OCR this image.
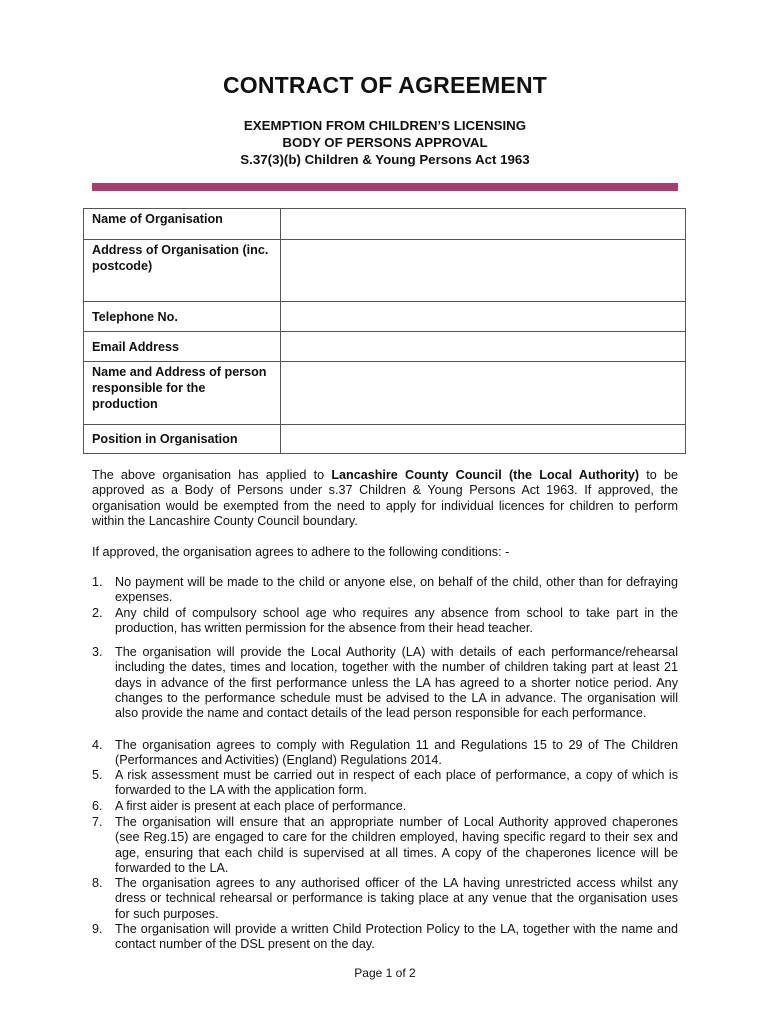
CONTRACT OF AGREEMENT
EXEMPTION FROM CHILDREN’S LICENSING
BODY OF PERSONS APPROVAL
S.37(3)(b) Children & Young Persons Act 1963
Name of Organisation	
Address of Organisation (inc. postcode)	
Telephone No.	
Email Address	
Name and Address of person responsible for the production	
Position in Organisation	
The above organisation has applied to Lancashire County Council (the Local Authority) to be approved as a Body of Persons under s.37 Children & Young Persons Act 1963. If approved, the organisation would be exempted from the need to apply for individual licences for children to perform within the Lancashire County Council boundary.
If approved, the organisation agrees to adhere to the following conditions: -
1. No payment will be made to the child or anyone else, on behalf of the child, other than for defraying expenses.
2. Any child of compulsory school age who requires any absence from school to take part in the production, has written permission for the absence from their head teacher.
3. The organisation will provide the Local Authority (LA) with details of each performance/rehearsal including the dates, times and location, together with the number of children taking part at least 21 days in advance of the first performance unless the LA has agreed to a shorter notice period. Any changes to the performance schedule must be advised to the LA in advance. The organisation will also provide the name and contact details of the lead person responsible for each performance.
4. The organisation agrees to comply with Regulation 11 and Regulations 15 to 29 of The Children (Performances and Activities) (England) Regulations 2014.
5. A risk assessment must be carried out in respect of each place of performance, a copy of which is forwarded to the LA with the application form.
6. A first aider is present at each place of performance.
7. The organisation will ensure that an appropriate number of Local Authority approved chaperones (see Reg.15) are engaged to care for the children employed, having specific regard to their sex and age, ensuring that each child is supervised at all times. A copy of the chaperones licence will be forwarded to the LA.
8. The organisation agrees to any authorised officer of the LA having unrestricted access whilst any dress or technical rehearsal or performance is taking place at any venue that the organisation uses for such purposes.
9. The organisation will provide a written Child Protection Policy to the LA, together with the name and contact number of the DSL present on the day.
Page 1 of 2
